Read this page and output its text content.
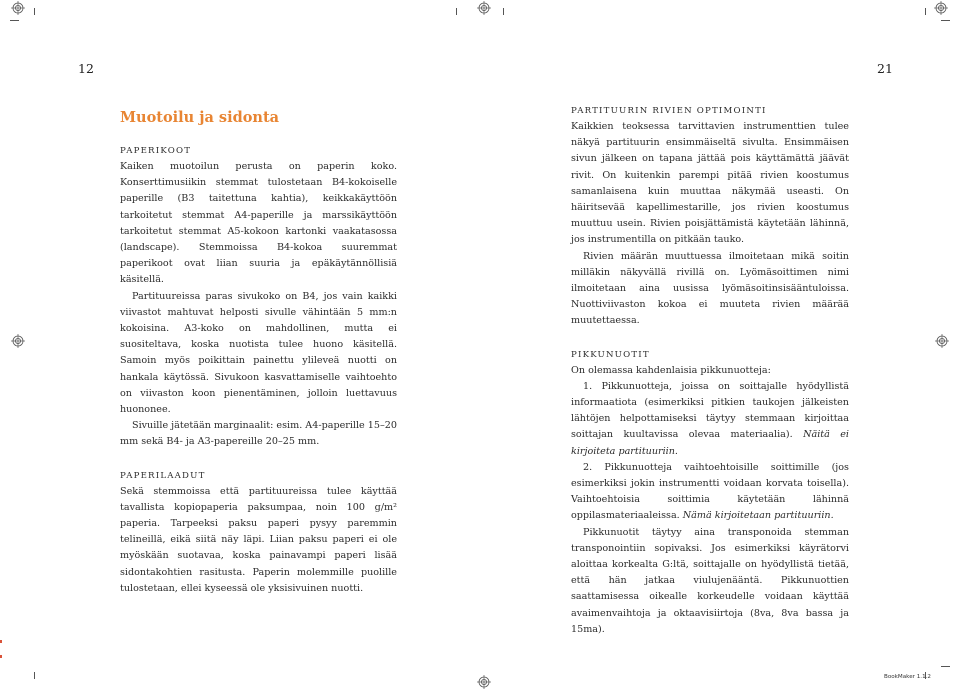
12	21
Muotoilu ja sidonta
PAPERIKOOT

Kaiken muotoilun perusta on paperin koko. Konserttimusiikin stemmat tulostetaan B4-kokoiselle paperille (B3 taitettuna kahtia), keikkakäyttöön tarkoitetut stemmat A4-paperille ja marssikäyttöön tarkoitetut stemmat A5-kokoon kartonki vaakatasossa (landscape). Stemmoissa B4-kokoa suuremmat paperikoot ovat liian suuria ja epäkäytännöllisiä käsitellä.

Partituureissa paras sivukoko on B4, jos vain kaikki viivastot mahtuvat helposti sivulle vähintään 5 mm:n kokoisina. A3-koko on mahdollinen, mutta ei suositeltava, koska nuotista tulee huono käsitellä. Samoin myös poikittain painettu ylileveä nuotti on hankala käytössä. Sivukoon kasvattamiselle vaihtoehto on viivaston koon pienentäminen, jolloin luettavuus huononee.

Sivuille jätetään marginaalit: esim. A4-paperille 15–20 mm sekä B4- ja A3-papereille 20–25 mm.

PAPERILAADUT

Sekä stemmoissa että partituureissa tulee käyttää tavallista kopiopaperia paksumpaa, noin 100 g/m² paperia. Tarpeeksi paksu paperi pysyy paremmin telineillä, eikä siitä näy läpi. Liian paksu paperi ei ole myöskään suotavaa, koska painavampi paperi lisää sidontakohtien rasitusta. Paperin molemmille puolille tulostetaan, ellei kyseessä ole yksisivuinen nuotti.

PARTITUURIN RIVIEN OPTIMOINTI

Kaikkien teoksessa tarvittavien instrumenttien tulee näkyä partituurin ensimmäiseltä sivulta. Ensimmäisen sivun jälkeen on tapana jättää pois käyttämättä jäävät rivit. On kuitenkin parempi pitää rivien koostumus samanlaisena kuin muuttaa näkymää useasti. On häiritsevää kapellimestarille, jos rivien koostumus muuttuu usein. Rivien poisjättämistä käytetään lähinnä, jos instrumentilla on pitkään tauko.

Rivien määrän muuttuessa ilmoitetaan mikä soitin milläkin näkyvällä rivillä on. Lyömäsoittimen nimi ilmoitetaan aina uusissa lyömäsoitinsisääntuloissa. Nuottiviivaston kokoa ei muuteta rivien määrää muutettaessa.

PIKKUNUOTIT

On olemassa kahdenlaisia pikkunuotteja:

1. Pikkunuotteja, joissa on soittajalle hyödyllistä informaatiota (esimerkiksi pitkien taukojen jälkeisten lähtöjen helpottamiseksi täytyy stemmaan kirjoittaa soittajan kuultavissa olevaa materiaalia). Näitä ei kirjoiteta partituuriin.

2. Pikkunuotteja vaihtoehtoisille soittimille (jos esimerkiksi jokin instrumentti voidaan korvata toisella). Vaihtoehtoisia soittimia käytetään lähinnä oppilasmateriaaleissa. Nämä kirjoitetaan partituuriin.

Pikkunuotit täytyy aina transponoida stemman transponointiin sopivaksi. Jos esimerkiksi käyrätorvi aloittaa korkealta G:ltä, soittajalle on hyödyllistä tietää, että hän jatkaa viulujenääntä. Pikkunuottien saattamisessa oikealle korkeudelle voidaan käyttää avaimenvaihtoja ja oktaavisiirtoja (8va, 8va bassa ja 15ma).

BookMaker 1.1.2
